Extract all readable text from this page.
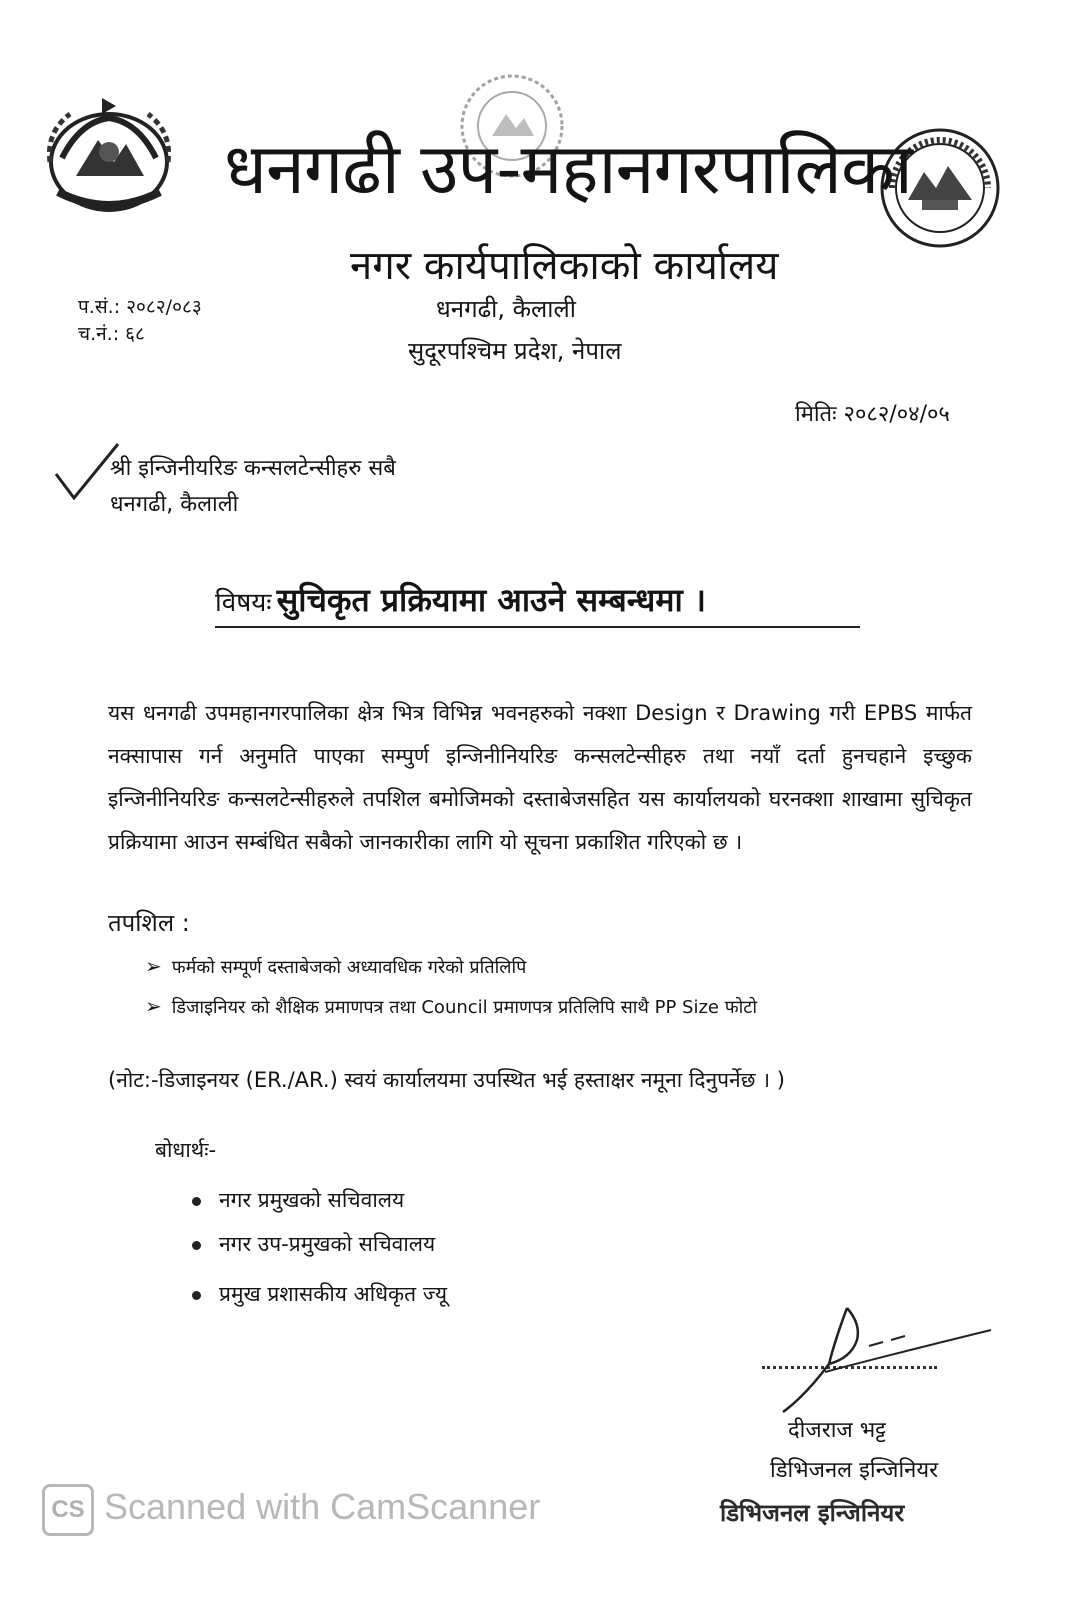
धनगढी उप-महानगरपालिका
नगर कार्यपालिकाको कार्यालय
धनगढी, कैलाली
सुदूरपश्चिम प्रदेश, नेपाल
प.सं.: २०८२/०८३
च.नं.: ६८
मितिः २०८२/०४/०५
श्री इन्जिनीयरिङ कन्सलटेन्सीहरु सबै
धनगढी, कैलाली
विषयः सुचिकृत प्रक्रियामा आउने सम्बन्धमा ।
यस धनगढी उपमहानगरपालिका क्षेत्र भित्र विभिन्न भवनहरुको नक्शा Design र Drawing गरी EPBS मार्फत नक्सापास गर्न अनुमति पाएका सम्पुर्ण इन्जिनीनियरिङ कन्सलटेन्सीहरु तथा नयाँ दर्ता हुनचहाने इच्छुक इन्जिनीनियरिङ कन्सलटेन्सीहरुले तपशिल बमोजिमको दस्ताबेजसहित यस कार्यालयको घरनक्शा शाखामा सुचिकृत प्रक्रियामा आउन सम्बंधित सबैको जानकारीका लागि यो सूचना प्रकाशित गरिएको छ ।
तपशिल :
➢ फर्मको सम्पूर्ण दस्ताबेजको अध्यावधिक गरेको प्रतिलिपि
➢ डिजाइनियर को शैक्षिक प्रमाणपत्र तथा Council प्रमाणपत्र प्रतिलिपि साथै PP Size फोटो
(नोट:-डिजाइनयर (ER./AR.) स्वयं कार्यालयमा उपस्थित भई हस्ताक्षर नमूना दिनुपर्नेछ । )
बोधार्थः-
नगर प्रमुखको सचिवालय
नगर उप-प्रमुखको सचिवालय
प्रमुख प्रशासकीय अधिकृत ज्यू
दीजराज भट्ट
डिभिजनल इन्जिनियर
डिभिजनल इन्जिनियर
CS Scanned with CamScanner
